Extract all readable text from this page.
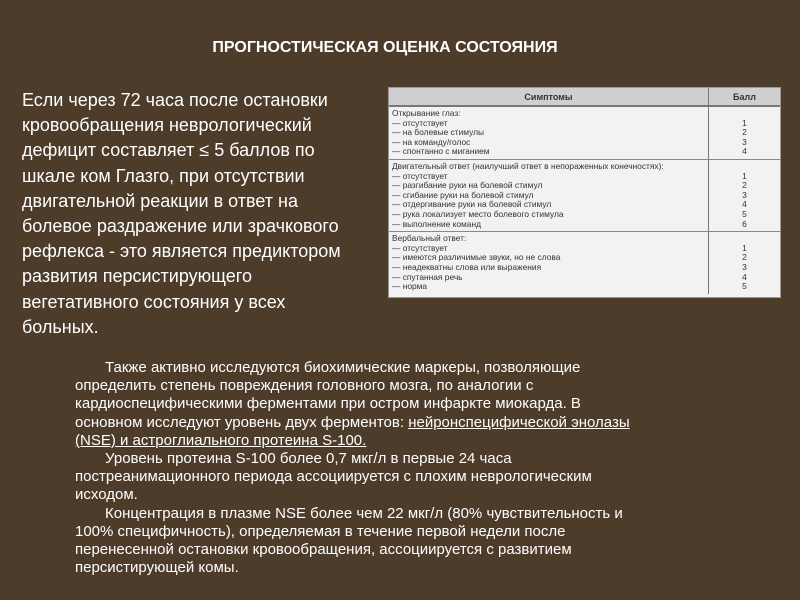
ПРОГНОСТИЧЕСКАЯ ОЦЕНКА СОСТОЯНИЯ
Если через 72 часа после остановки
кровообращения неврологический
дефицит составляет ≤ 5 баллов по
шкале ком Глазго, при отсутствии
двигательной реакции в ответ на
болевое раздражение или зрачкового
рефлекса - это является предиктором
развития персистирующего
вегетативного состояния у всех
больных.
Симптомы	Балл
Открывание глаз:
— отсутствует
— на болевые стимулы
— на команду/голос
— спонтанно с миганием
1
2
3
4
Двигательный ответ (наилучший ответ в непораженных конечностях):
— отсутствует
— разгибание руки на болевой стимул
— сгибание руки на болевой стимул
— отдергивание руки на болевой стимул
— рука локализует место болевого стимула
— выполнение команд
1
2
3
4
5
6
Вербальный ответ:
— отсутствует
— имеются различимые звуки, но не слова
— неадекватны слова или выражения
— спутанная речь
— норма
1
2
3
4
5
Также активно исследуются биохимические маркеры, позволяющие
определить степень повреждения головного мозга, по аналогии с
кардиоспецифическими ферментами при остром инфаркте миокарда. В
основном исследуют уровень двух ферментов: нейронспецифической энолазы
(NSE) и астроглиального протеина S-100.
Уровень протеина S-100 более 0,7 мкг/л в первые 24 часа
постреанимационного периода ассоциируется с плохим неврологическим
исходом.
Концентрация в плазме NSE более чем 22 мкг/л (80% чувствительность и
100% специфичность), определяемая в течение первой недели после
перенесенной остановки кровообращения, ассоциируется с развитием
персистирующей комы.
